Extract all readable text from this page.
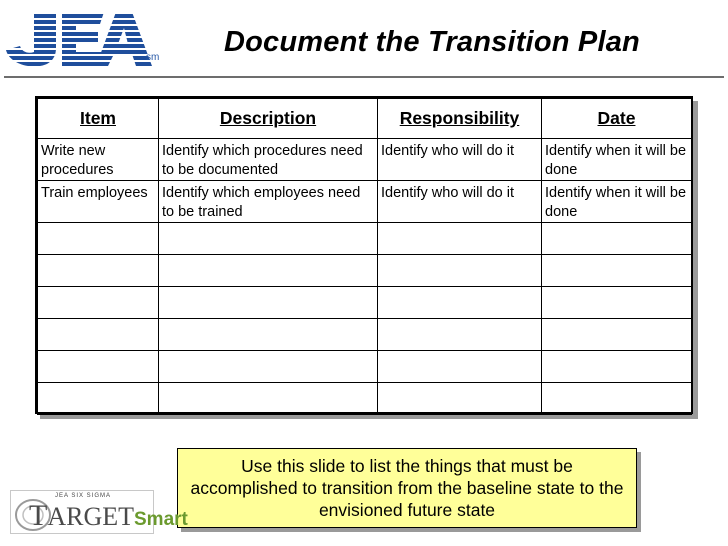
sm Document the Transition Plan
Item	Description	Responsibility	Date
Write new procedures	Identify which procedures need to be documented	Identify who will do it	Identify when it will be done
Train employees	Identify which employees need to be trained	Identify who will do it	Identify when it will be done

Use this slide to list the things that must be accomplished to transition from the baseline state to the envisioned future state
JEA SIX SIGMA
TARGETSmart
